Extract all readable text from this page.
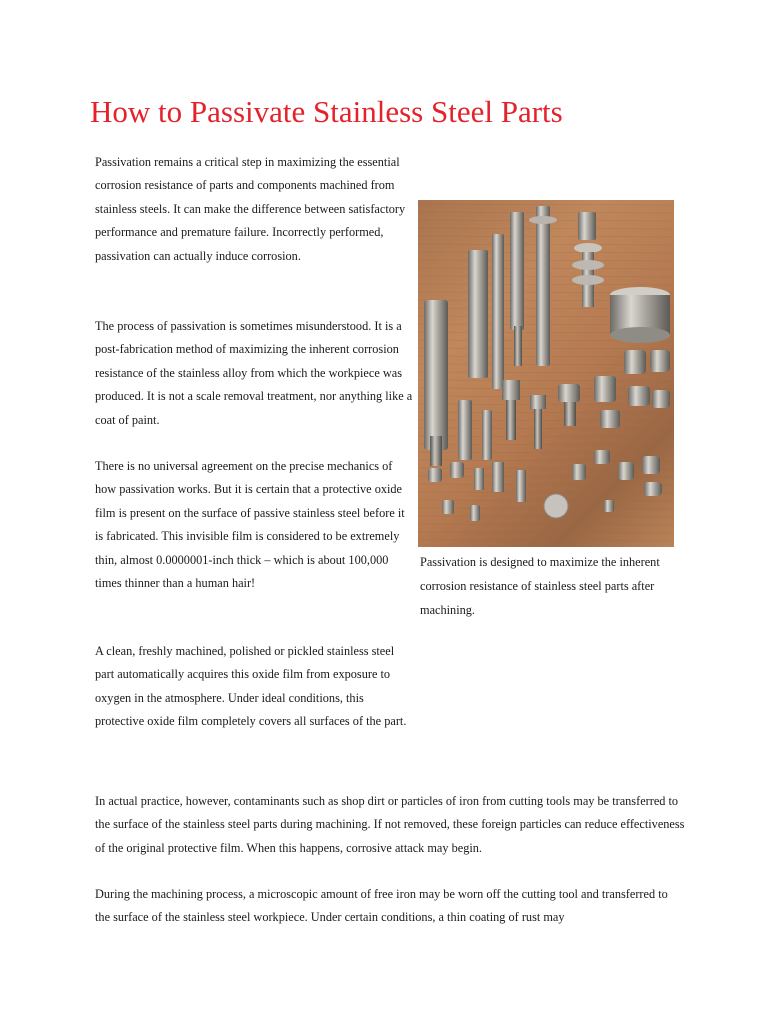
How to Passivate Stainless Steel Parts

Passivation remains a critical step in maximizing the essential corrosion resistance of parts and components machined from stainless steels. It can make the difference between satisfactory performance and premature failure. Incorrectly performed, passivation can actually induce corrosion.

The process of passivation is sometimes misunderstood. It is a post-fabrication method of maximizing the inherent corrosion resistance of the stainless alloy from which the workpiece was produced. It is not a scale removal treatment, nor anything like a coat of paint.

There is no universal agreement on the precise mechanics of how passivation works. But it is certain that a protective oxide film is present on the surface of passive stainless steel before it is fabricated. This invisible film is considered to be extremely thin, almost 0.0000001-inch thick – which is about 100,000 times thinner than a human hair!

A clean, freshly machined, polished or pickled stainless steel part automatically acquires this oxide film from exposure to oxygen in the atmosphere. Under ideal conditions, this protective oxide film completely covers all surfaces of the part.

Passivation is designed to maximize the inherent corrosion resistance of stainless steel parts after machining.

In actual practice, however, contaminants such as shop dirt or particles of iron from cutting tools may be transferred to the surface of the stainless steel parts during machining. If not removed, these foreign particles can reduce effectiveness of the original protective film. When this happens, corrosive attack may begin.

During the machining process, a microscopic amount of free iron may be worn off the cutting tool and transferred to the surface of the stainless steel workpiece. Under certain conditions, a thin coating of rust may
